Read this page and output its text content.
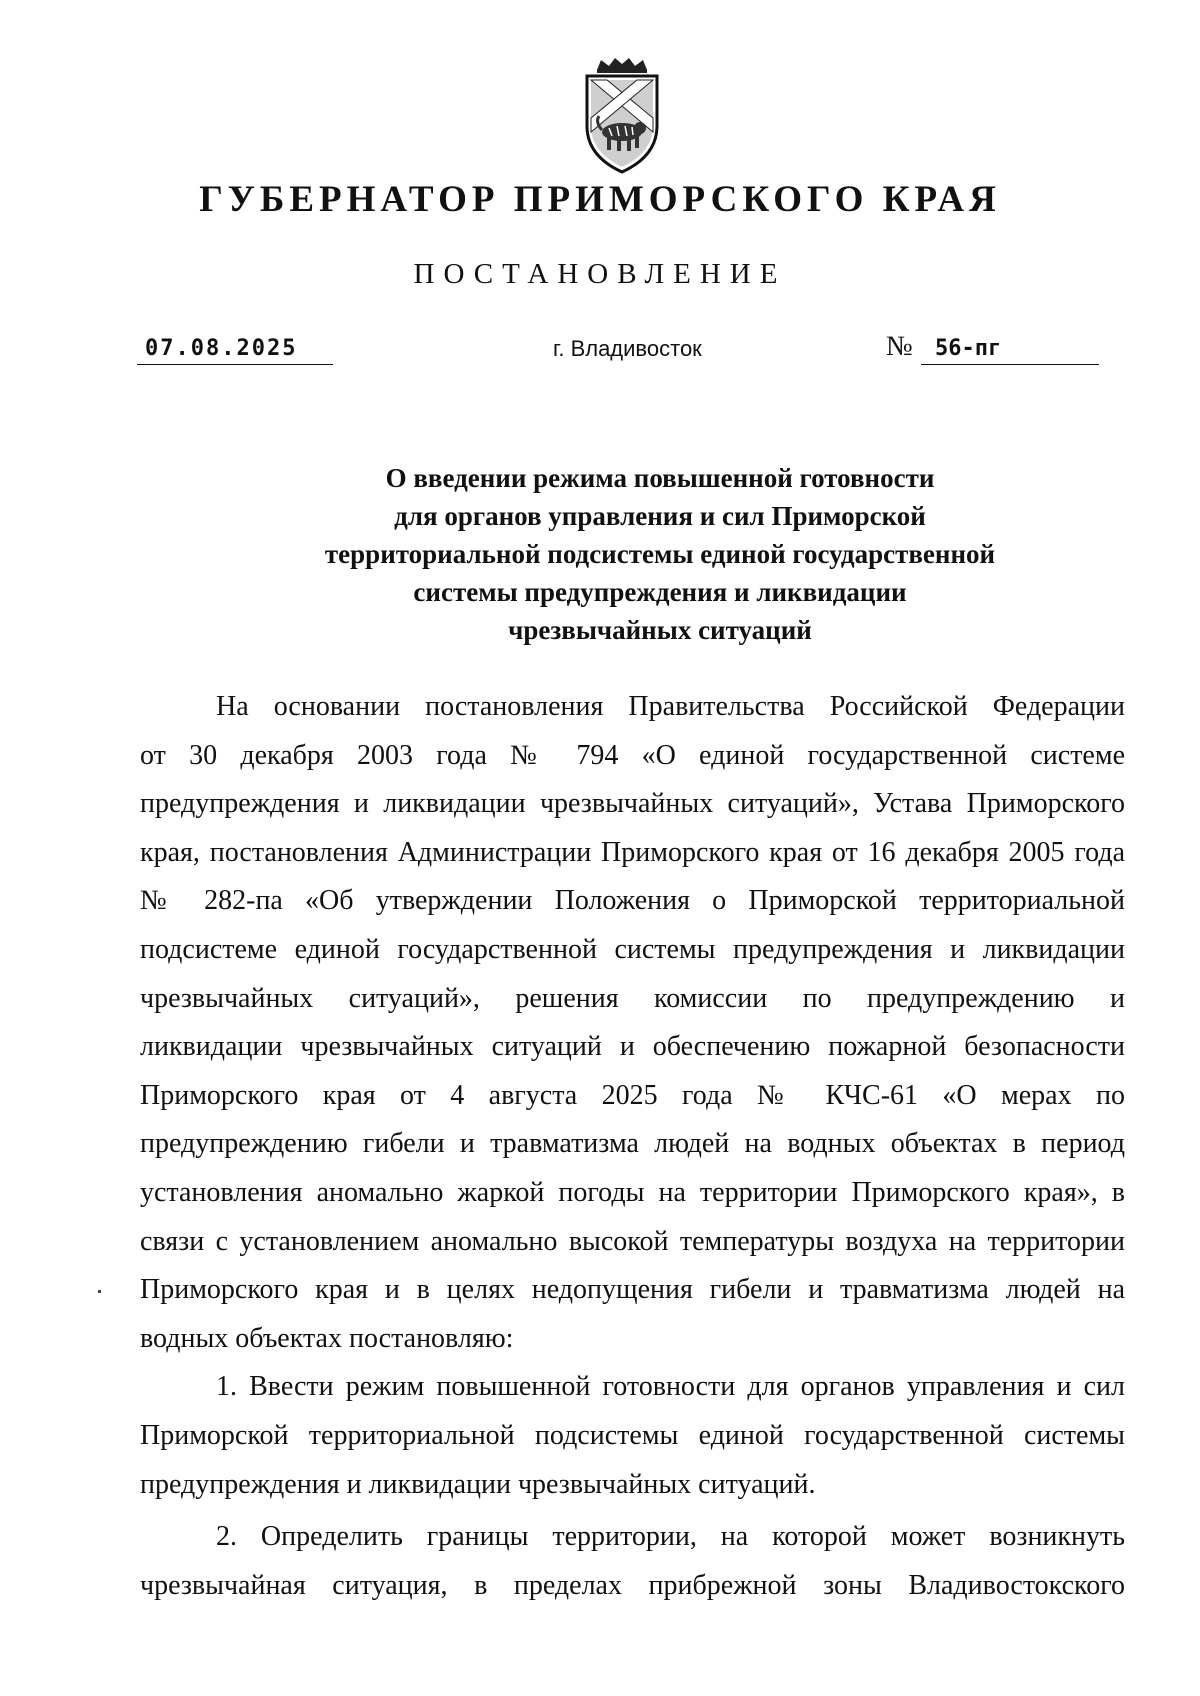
ГУБЕРНАТОР ПРИМОРСКОГО КРАЯ
ПОСТАНОВЛЕНИЕ
07.08.2025	г. Владивосток	№	56-пг
О введении режима повышенной готовности
для органов управления и сил Приморской
территориальной подсистемы единой государственной
системы предупреждения и ликвидации
чрезвычайных ситуаций
На основании постановления Правительства Российской Федерации
от 30 декабря 2003 года № 794 «О единой государственной системе
предупреждения и ликвидации чрезвычайных ситуаций», Устава Приморского
края, постановления Администрации Приморского края от 16 декабря 2005 года
№ 282-па «Об утверждении Положения о Приморской территориальной
подсистеме единой государственной системы предупреждения и ликвидации
чрезвычайных ситуаций», решения комиссии по предупреждению и
ликвидации чрезвычайных ситуаций и обеспечению пожарной безопасности
Приморского края от 4 августа 2025 года № КЧС-61 «О мерах по
предупреждению гибели и травматизма людей на водных объектах в период
установления аномально жаркой погоды на территории Приморского края», в
связи с установлением аномально высокой температуры воздуха на территории
Приморского края и в целях недопущения гибели и травматизма людей на
водных объектах постановляю:
1. Ввести режим повышенной готовности для органов управления и сил
Приморской территориальной подсистемы единой государственной системы
предупреждения и ликвидации чрезвычайных ситуаций.
2. Определить границы территории, на которой может возникнуть
чрезвычайная ситуация, в пределах прибрежной зоны Владивостокского
